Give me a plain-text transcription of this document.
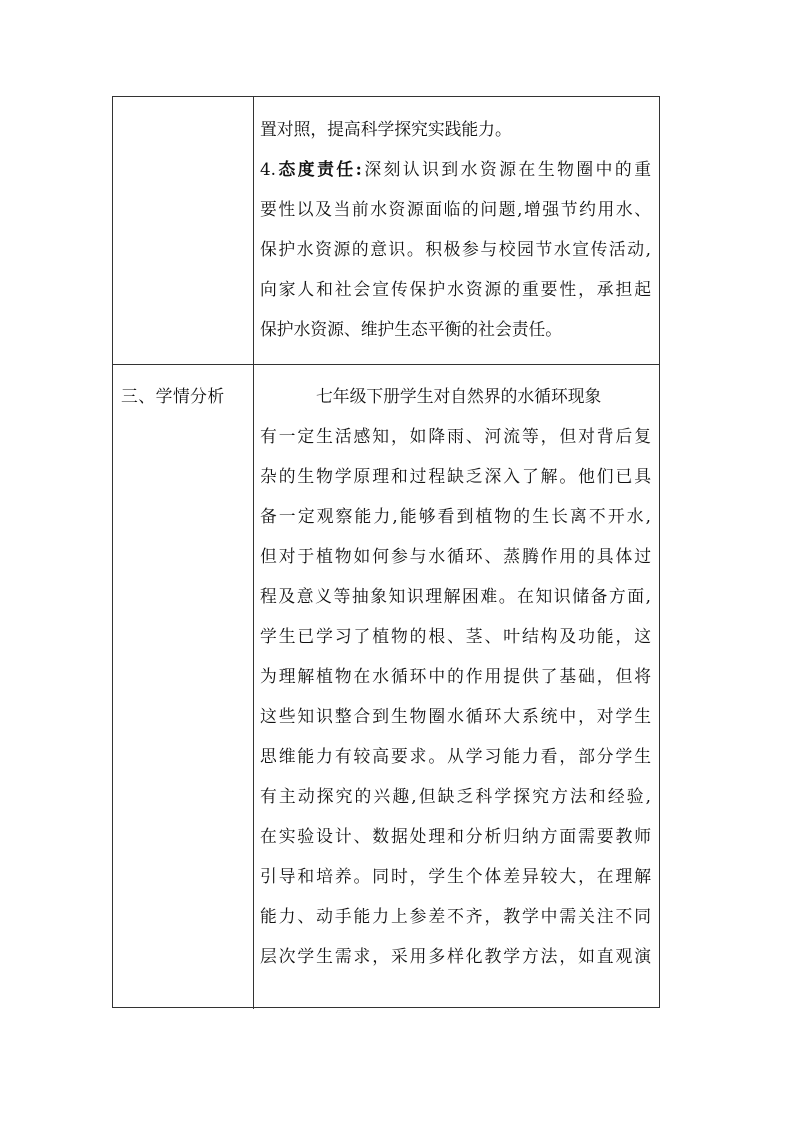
置对照，提高科学探究实践能力。
4.态度责任:深刻认识到水资源在生物圈中的重
要性以及当前水资源面临的问题,增强节约用水、
保护水资源的意识。积极参与校园节水宣传活动,
向家人和社会宣传保护水资源的重要性，承担起
保护水资源、维护生态平衡的社会责任。
三、学情分析	七年级下册学生对自然界的水循环现象
有一定生活感知，如降雨、河流等，但对背后复
杂的生物学原理和过程缺乏深入了解。他们已具
备一定观察能力,能够看到植物的生长离不开水,
但对于植物如何参与水循环、蒸腾作用的具体过
程及意义等抽象知识理解困难。在知识储备方面,
学生已学习了植物的根、茎、叶结构及功能，这
为理解植物在水循环中的作用提供了基础，但将
这些知识整合到生物圈水循环大系统中，对学生
思维能力有较高要求。从学习能力看，部分学生
有主动探究的兴趣,但缺乏科学探究方法和经验,
在实验设计、数据处理和分析归纳方面需要教师
引导和培养。同时，学生个体差异较大，在理解
能力、动手能力上参差不齐，教学中需关注不同
层次学生需求，采用多样化教学方法，如直观演
